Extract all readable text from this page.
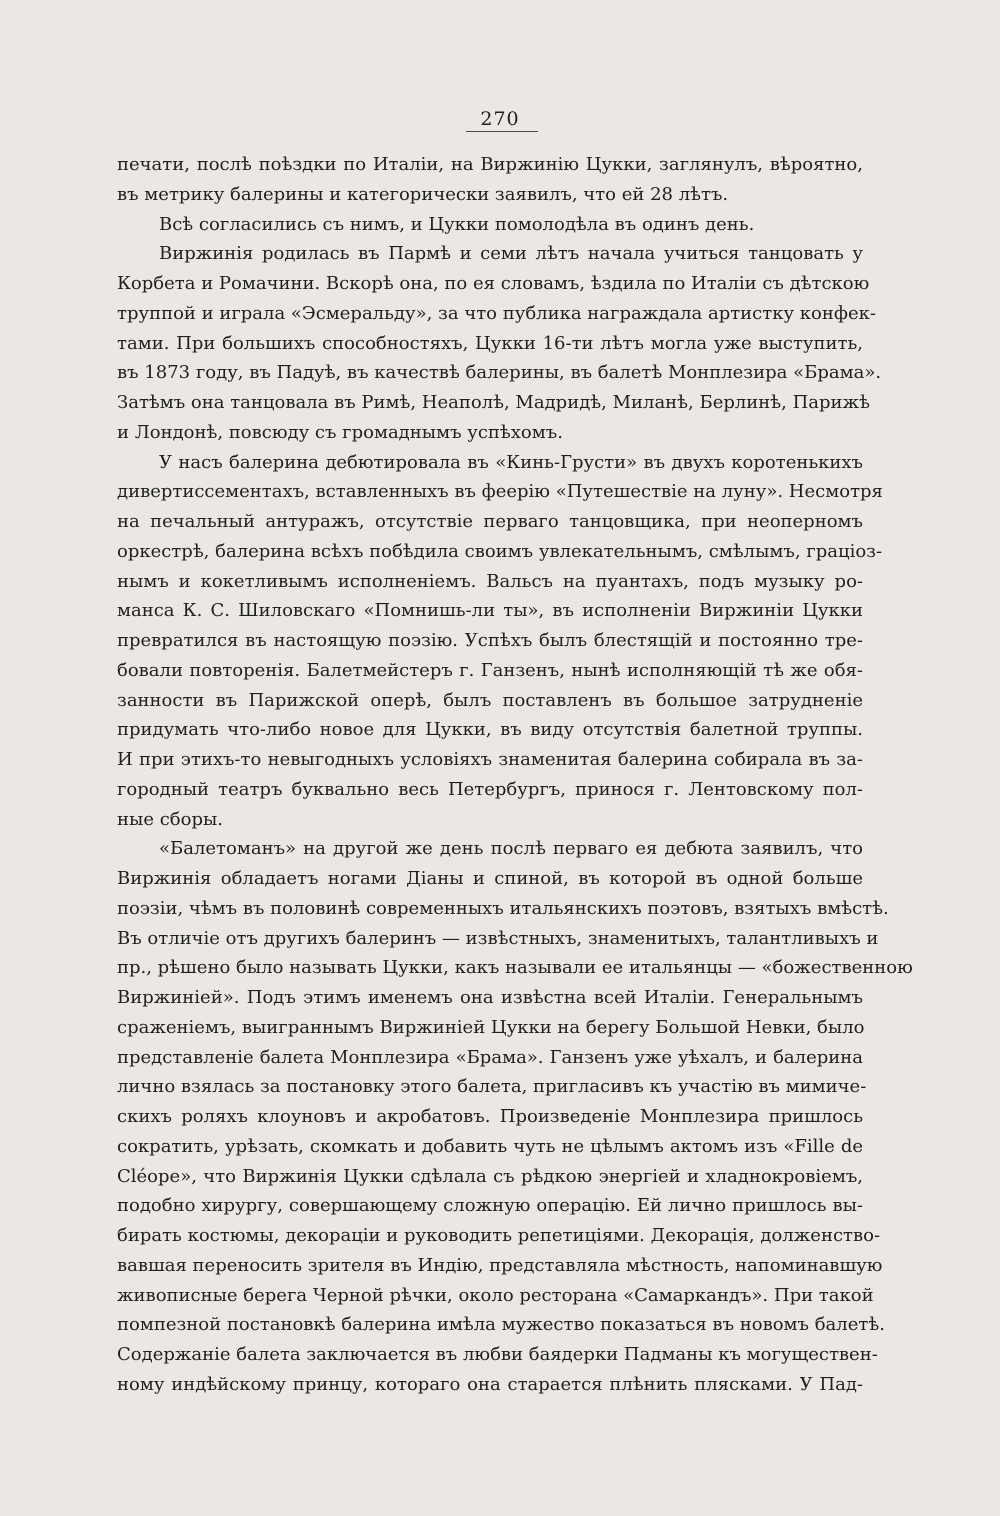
270

печати, послѣ поѣздки по Италіи, на Виржинію Цукки, заглянулъ, вѣроятно,
въ метрику балерины и категорически заявилъ, что ей 28 лѣтъ.

Всѣ согласились съ нимъ, и Цукки помолодѣла въ одинъ день.

Виржинія родилась въ Пармѣ и семи лѣтъ начала учиться танцовать у
Корбета и Ромачини. Вскорѣ она, по ея словамъ, ѣздила по Италіи съ дѣтскою
труппой и играла «Эсмеральду», за что публика награждала артистку конфек-
тами. При большихъ способностяхъ, Цукки 16-ти лѣтъ могла уже выступить,
въ 1873 году, въ Падуѣ, въ качествѣ балерины, въ балетѣ Монплезира «Брама».
Затѣмъ она танцовала въ Римѣ, Неаполѣ, Мадридѣ, Миланѣ, Берлинѣ, Парижѣ
и Лондонѣ, повсюду съ громаднымъ успѣхомъ.

У насъ балерина дебютировала въ «Кинь-Грусти» въ двухъ коротенькихъ
дивертиссементахъ, вставленныхъ въ феерію «Путешествіе на луну». Несмотря
на печальный антуражъ, отсутствіе перваго танцовщика, при неоперномъ
оркестрѣ, балерина всѣхъ побѣдила своимъ увлекательнымъ, смѣлымъ, граціоз-
нымъ и кокетливымъ исполненіемъ. Вальсъ на пуантахъ, подъ музыку ро-
манса К. С. Шиловскаго «Помнишь-ли ты», въ исполненіи Виржиніи Цукки
превратился въ настоящую поэзію. Успѣхъ былъ блестящій и постоянно тре-
бовали повторенія. Балетмейстеръ г. Ганзенъ, нынѣ исполняющій тѣ же обя-
занности въ Парижской оперѣ, былъ поставленъ въ большое затрудненіе
придумать что-либо новое для Цукки, въ виду отсутствія балетной труппы.
И при этихъ-то невыгодныхъ условіяхъ знаменитая балерина собирала въ за-
городный театръ буквально весь Петербургъ, принося г. Лентовскому пол-
ные сборы.

«Балетоманъ» на другой же день послѣ перваго ея дебюта заявилъ, что
Виржинія обладаетъ ногами Діаны и спиной, въ которой въ одной больше
поэзіи, чѣмъ въ половинѣ современныхъ итальянскихъ поэтовъ, взятыхъ вмѣстѣ.
Въ отличіе отъ другихъ балеринъ — извѣстныхъ, знаменитыхъ, талантливыхъ и
пр., рѣшено было называть Цукки, какъ называли ее итальянцы — «божественною
Виржиніей». Подъ этимъ именемъ она извѣстна всей Италіи. Генеральнымъ
сраженіемъ, выиграннымъ Виржиніей Цукки на берегу Большой Невки, было
представленіе балета Монплезира «Брама». Ганзенъ уже уѣхалъ, и балерина
лично взялась за постановку этого балета, пригласивъ къ участію въ мимиче-
скихъ роляхъ клоуновъ и акробатовъ. Произведеніе Монплезира пришлось
сократить, урѣзать, скомкать и добавить чуть не цѣлымъ актомъ изъ «Fille de
Cléope», что Виржинія Цукки сдѣлала съ рѣдкою энергіей и хладнокровіемъ,
подобно хирургу, совершающему сложную операцію. Ей лично пришлось вы-
бирать костюмы, декораціи и руководить репетиціями. Декорація, долженство-
вавшая переносить зрителя въ Индію, представляла мѣстность, напоминавшую
живописные берега Черной рѣчки, около ресторана «Самаркандъ». При такой
помпезной постановкѣ балерина имѣла мужество показаться въ новомъ балетѣ.
Содержаніе балета заключается въ любви баядерки Падманы къ могуществен-
ному индѣйскому принцу, котораго она старается плѣнить плясками. У Пад-
